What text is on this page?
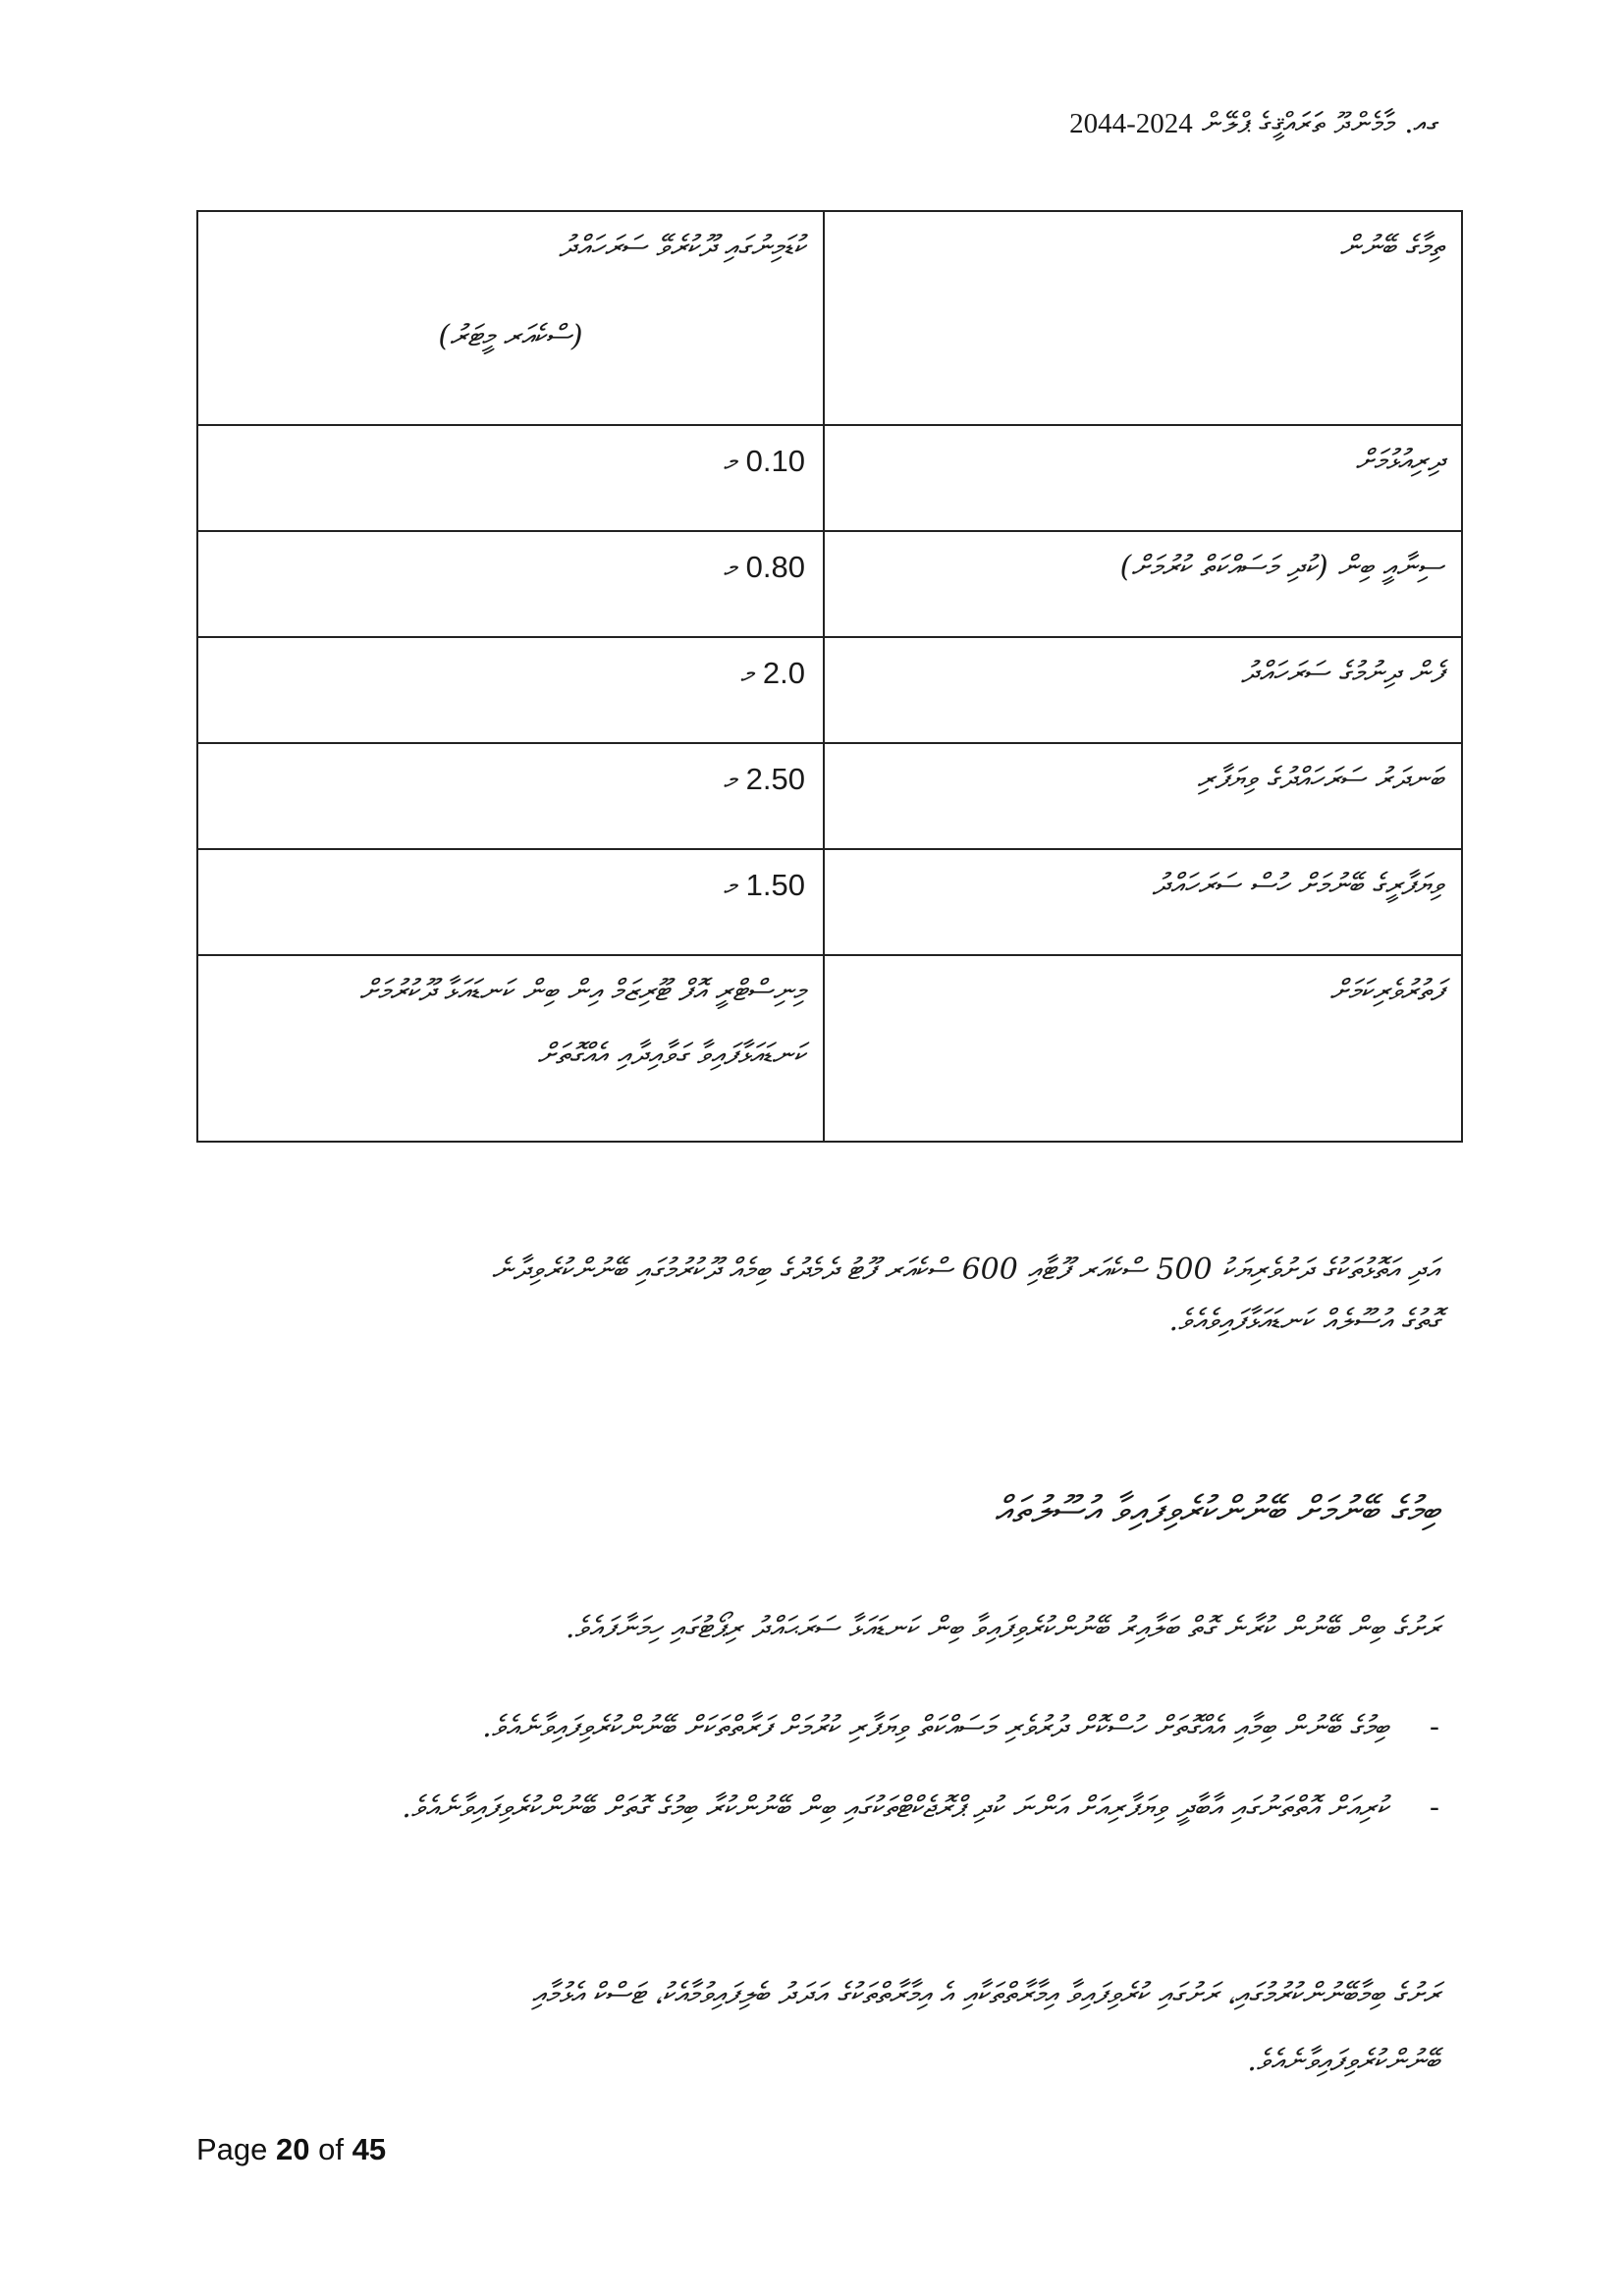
ގއ. މާމެންދޫ ތަރައްޤީގެ ޕްލޭން 2024-2044
ތިމާގެ ބޭނުން	ކުޑަމިނުގައި ދޫކުރެވޭ ސަރަހައްދު
(ސްކެއަރ މީޓަރު)

ދިރިއުޅުމަށް	0.10 މ
ސިނާއީ ބިން (ކުދި މަސައްކަތް ކުރުމަށް)	0.80 މ
ފެން ދިނުމުގެ ސަރަހައްދު	2.0 މ
ބަނދަރު ސަރަހައްދުގެ ވިޔަފާރި	2.50 މ
ވިޔަފާރީގެ ބޭނުމަށް ހުސް ސަރަހައްދު	1.50 މ
ފަތުރުވެރިކަމަށް	މިނިސްޓްރީ އޮފް ޓޫރިޒަމް އިން ބިން ކަނޑައަޅާ ދޫކުރުމަށް
ކަނޑައަޅާފައިވާ ގަވާއިދާއި އެއްގޮތަށް
އަދި އަތޮޅުތަކުގެ ދަށުވެރިޔަކު 500 ސްކެއަރ ފޫޓާއި 600 ސްކެއަރ ފޫޓު ދެމެދުގެ ބިމެއް ދޫކުރުމުގައި ބޭނުންކުރެވިދާނެ
ގޮތުގެ އުސޫލެއް ކަނޑައަޅާފައިވެއެވެ.
ބިމުގެ ބޭނުމަށް ބޭނުންކުރެވިފައިވާ އުސޫލުތައް
ރަށުގެ ބިން ބޭނުން ކުރާނެ ގޮތް ބަލާއިރު ބޭނުންކުރެވިފައިވާ ބިން ކަނޑައަޅާ ސަރަޙައްދު ރިޕޯޓުގައި ހިމަނާފައެވެ.
-
ބިމުގެ ބޭނުން ބިމާއި އެއްގޮތަށް ހުސްކޮށް ދުރުވެރި މަސައްކަތް ވިޔަފާރި ކުރުމަށް ފަރާތްތަކަށް ބޭނުންކުރެވިފައިވާނެއެވެ.
-
ކުރިއަށް އޮތްތަނުގައި އާބާދީ ވިޔަފާރިއަށް އަންނަ ކުދި ޕްރޮޖެކްޓްތަކުގައި ބިން ބޭނުންކުރާ ބިމުގެ ގޮތަށް ބޭނުންކުރެވިފައިވާނެއެވެ.
ރަށުގެ ބިމާބޭނުންކުރުމުގައި، ރަށުގައި ކުރެވިފައިވާ އިމާރާތްތަކާއި އެ އިމާރާތްތަކުގެ އަދަދު ބެލިފައިވުމާއެކު، ޓަސްކް އެޅުމާއި
ބޭނުންކުރެވިފައިވާނެއެވެ.
Page 20 of 45
